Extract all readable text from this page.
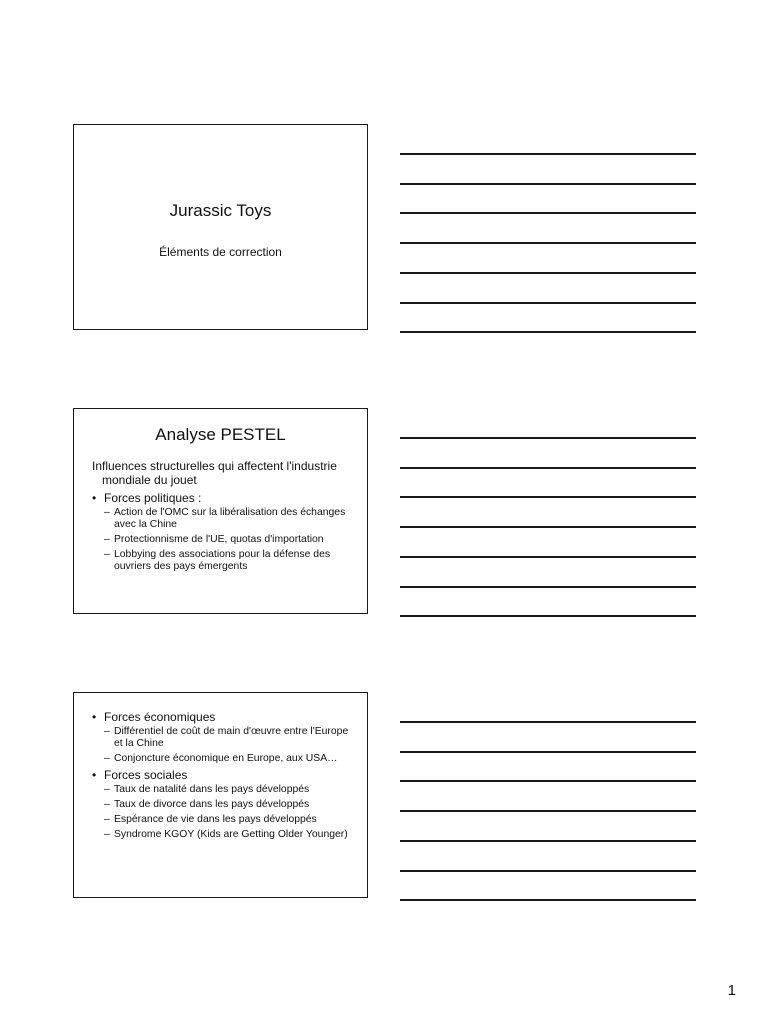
Jurassic Toys
Éléments de correction
Analyse PESTEL
Influences structurelles qui affectent l'industrie mondiale du jouet
• Forces politiques :
– Action de l'OMC sur la libéralisation des échanges avec la Chine
– Protectionnisme de l'UE, quotas d'importation
– Lobbying des associations pour la défense des ouvriers des pays émergents
• Forces économiques
– Différentiel de coût de main d'œuvre entre l'Europe et la Chine
– Conjoncture économique en Europe, aux USA…
• Forces sociales
– Taux de natalité dans les pays développés
– Taux de divorce dans les pays développés
– Espérance de vie dans les pays développés
– Syndrome KGOY (Kids are Getting Older Younger)
1
